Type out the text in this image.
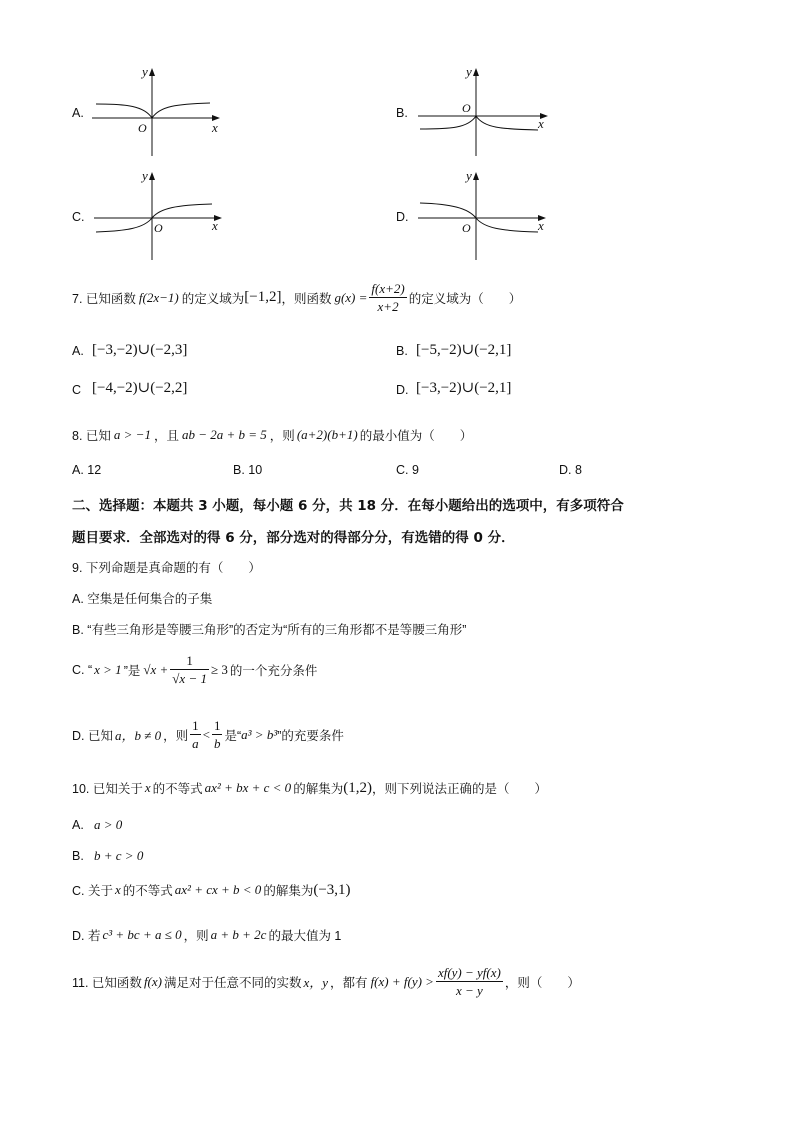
A.
y
x
O
B.
y
x
O
C.
y
x
O
D.
y
x
O
7. 已知函数 f(2x−1) 的定义域为 [−1,2] ，则函数 $g(x) = \frac{f(x+2)}{x+2}$ 的定义域为（　　）
A. [−3,−2)∪(−2,3]	B. [−5,−2)∪(−2,1]
C [−4,−2)∪(−2,2]	D. [−3,−2)∪(−2,1]
8. 已知 a > −1 ，且 ab − 2a + b = 5 ，则 (a+2)(b+1) 的最小值为（　　）
A. 12	B. 10	C. 9	D. 8
二、选择题：本题共 3 小题，每小题 6 分，共 18 分．在每小题给出的选项中，有多项符合
题目要求．全部选对的得 6 分，部分选对的得部分分，有选错的得 0 分．
9. 下列命题是真命题的有（　　）
A. 空集是任何集合的子集
B. “有些三角形是等腰三角形”的否定为“所有的三角形都不是等腰三角形”
C. “ x > 1 ”是 $√x + \frac{1}{√x - 1} \ge 3$ 的一个充分条件
D. 已知 a，b ≠ 0 ，则 $\frac{1}{a} < \frac{1}{b}$ 是“ a³ > b³ ”的充要条件
10. 已知关于 x 的不等式 ax² + bx + c < 0 的解集为 (1,2) ，则下列说法正确的是（　　）
A. a > 0
B. b + c > 0
C. 关于 x 的不等式 ax² + cx + b < 0 的解集为 (−3,1)
D. 若 c³ + bc + a ≤ 0 ，则 a + b + 2c 的最大值为 1
11. 已知函数 f(x) 满足对于任意不同的实数 x，y ，都有 $f(x) + f(y) > \frac{xf(y) - yf(x)}{x - y}$ ，则（　　）
